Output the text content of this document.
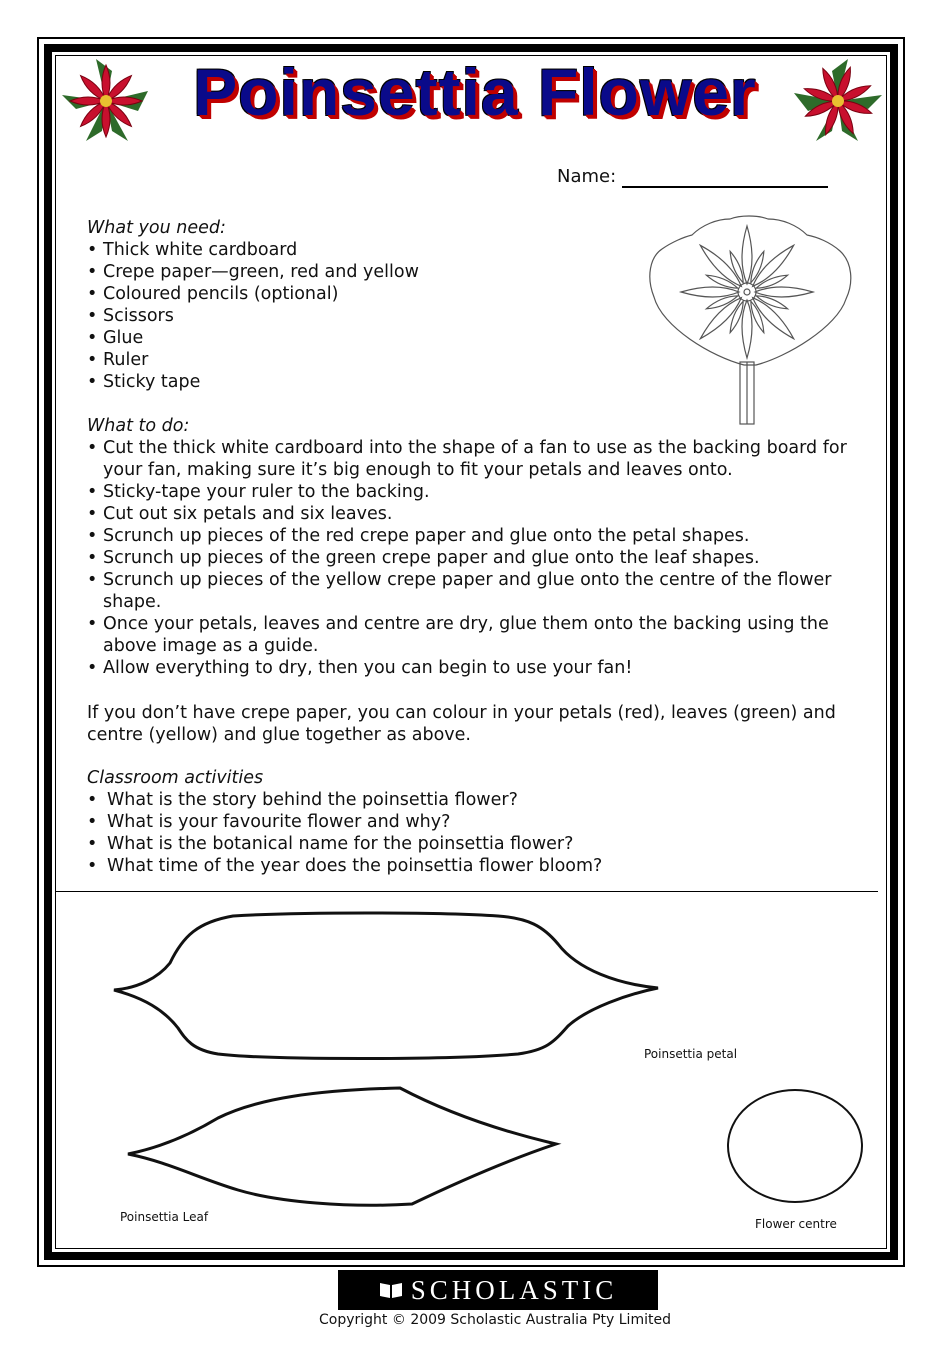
Poinsettia Flower
Name:
What you need:
• Thick white cardboard
• Crepe paper—green, red and yellow
• Coloured pencils (optional)
• Scissors
• Glue
• Ruler
• Sticky tape
What to do:
• Cut the thick white cardboard into the shape of a fan to use as the backing board for your fan, making sure it’s big enough to fit your petals and leaves onto.
• Sticky-tape your ruler to the backing.
• Cut out six petals and six leaves.
• Scrunch up pieces of the red crepe paper and glue onto the petal shapes.
• Scrunch up pieces of the green crepe paper and glue onto the leaf shapes.
• Scrunch up pieces of the yellow crepe paper and glue onto the centre of the flower shape.
• Once your petals, leaves and centre are dry, glue them onto the backing using the above image as a guide.
• Allow everything to dry, then you can begin to use your fan!
If you don’t have crepe paper, you can colour in your petals (red), leaves (green) and centre (yellow) and glue together as above.
Classroom activities
• What is the story behind the poinsettia flower?
• What is your favourite flower and why?
• What is the botanical name for the poinsettia flower?
• What time of the year does the poinsettia flower bloom?
Poinsettia petal
Poinsettia Leaf	Flower centre
SCHOLASTIC
Copyright © 2009 Scholastic Australia Pty Limited
